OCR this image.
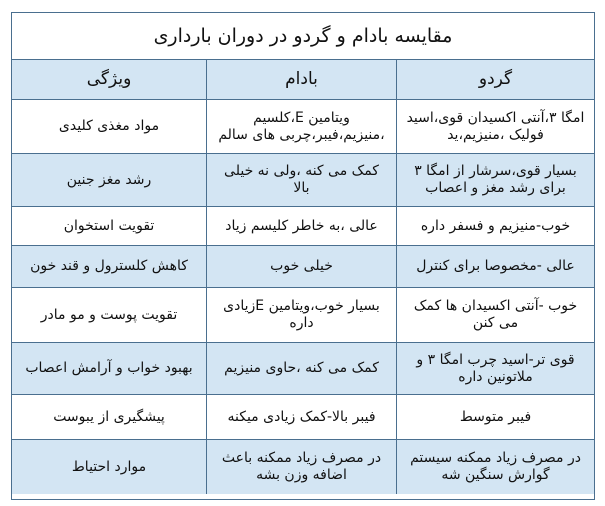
مقایسه بادام و گردو در دوران بارداری
گردو
بادام
ویژگی
امگا ۳،آنتی اکسیدان قوی،اسید فولیک ،منیزیم،ید
ویتامین E،کلسیم ،منیزیم،فیبر،چربی های سالم
مواد مغذی کلیدی
بسیار قوی،سرشار از امگا ۳ برای رشد مغز و اعصاب
کمک می کنه ،ولی نه خیلی بالا
رشد مغز جنین
خوب-منیزیم و فسفر داره
عالی ،به خاطر کلیسم زیاد
تقویت استخوان
عالی -مخصوصا برای کنترل
خیلی خوب
کاهش کلسترول و قند خون
خوب -آنتی اکسیدان ها کمک می کنن
بسیار خوب،ویتامین Eزیادی داره
تقویت پوست و مو مادر
قوی تر-اسید چرب امگا ۳ و ملاتونین داره
کمک می کنه ،حاوی منیزیم
بهبود خواب و آرامش اعصاب
فیبر متوسط
فیبر بالا-کمک زیادی میکنه
پیشگیری از یبوست
در مصرف زیاد ممکنه سیستم گوارش سنگین شه
در مصرف زیاد ممکنه باعث اضافه وزن بشه
موارد احتیاط
